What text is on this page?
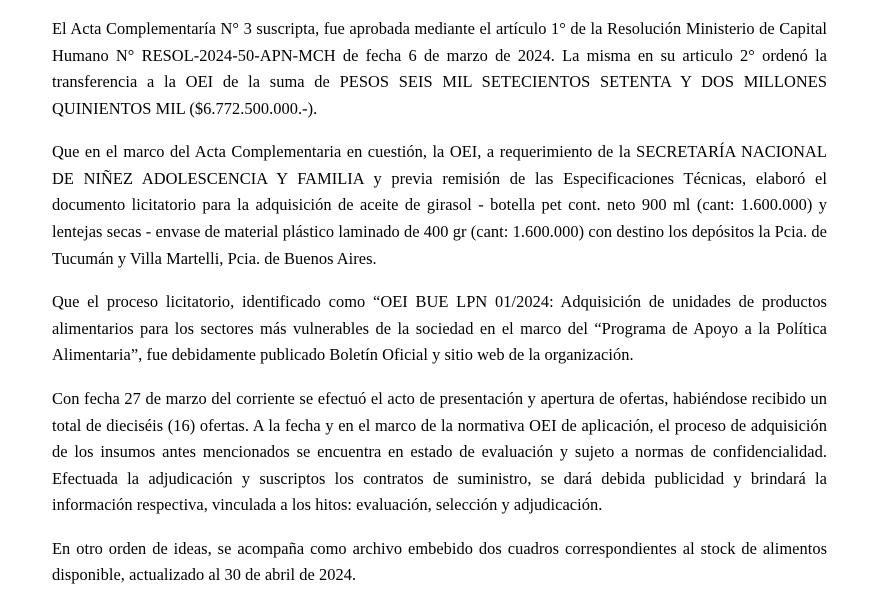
El Acta Complementaría N° 3 suscripta, fue aprobada mediante el artículo 1° de la Resolución Ministerio de Capital Humano N° RESOL-2024-50-APN-MCH de fecha 6 de marzo de 2024. La misma en su articulo 2° ordenó la transferencia a la OEI de la suma de PESOS SEIS MIL SETECIENTOS SETENTA Y DOS MILLONES QUINIENTOS MIL ($6.772.500.000.-).

Que en el marco del Acta Complementaria en cuestión, la OEI, a requerimiento de la SECRETARÍA NACIONAL DE NIÑEZ ADOLESCENCIA Y FAMILIA y previa remisión de las Especificaciones Técnicas, elaboró el documento licitatorio para la adquisición de aceite de girasol - botella pet cont. neto 900 ml (cant: 1.600.000) y lentejas secas - envase de material plástico laminado de 400 gr (cant: 1.600.000) con destino los depósitos la Pcia. de Tucumán y Villa Martelli, Pcia. de Buenos Aires.

Que el proceso licitatorio, identificado como “OEI BUE LPN 01/2024: Adquisición de unidades de productos alimentarios para los sectores más vulnerables de la sociedad en el marco del “Programa de Apoyo a la Política Alimentaria”, fue debidamente publicado Boletín Oficial y sitio web de la organización.

Con fecha 27 de marzo del corriente se efectuó el acto de presentación y apertura de ofertas, habiéndose recibido un total de dieciséis (16) ofertas. A la fecha y en el marco de la normativa OEI de aplicación, el proceso de adquisición de los insumos antes mencionados se encuentra en estado de evaluación y sujeto a normas de confidencialidad. Efectuada la adjudicación y suscriptos los contratos de suministro, se dará debida publicidad y brindará la información respectiva, vinculada a los hitos: evaluación, selección y adjudicación.

En otro orden de ideas, se acompaña como archivo embebido dos cuadros correspondientes al stock de alimentos disponible, actualizado al 30 de abril de 2024.
